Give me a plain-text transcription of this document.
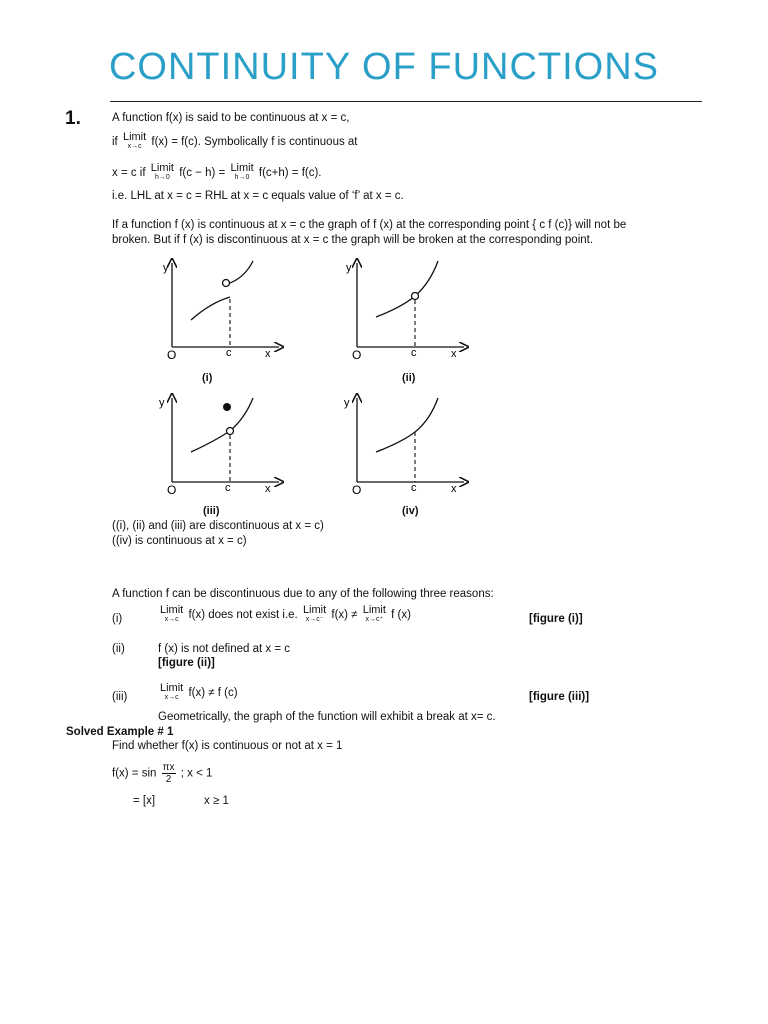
CONTINUITY OF FUNCTIONS
1.	A function f(x) is said to be continuous at x = c,
if Limit
x→c f(x) = f(c). Symbolically f is continuous at
x = c if Limit
h→0 f(c − h) = Limit
h→0 f(c+h) = f(c).
i.e. LHL at x = c = RHL at x = c equals value of ‘f’ at x = c.
If a function f (x) is continuous at x = c the graph of f (x) at the corresponding point { c f (c)} will not be
broken. But if f (x) is discontinuous at x = c the graph will be broken at the corresponding point.
y
O	c	x
(i)
y
O	c	x
(ii)
y
O	c	x
(iii)
y
O	c	x
(iv)
((i), (ii) and (iii) are discontinuous at x = c)
((iv) is continuous at x = c)
A function f can be discontinuous due to any of the following three reasons:
(i)
Limit
x→c f(x) does not exist i.e. Limit
x→c⁻ f(x) ≠ Limit
x→c⁺ f (x)	[figure (i)]
(ii)	f (x) is not defined at x = c
[figure (ii)]
(iii)
Limit
x→c f(x) ≠ f (c)	[figure (iii)]
Geometrically, the graph of the function will exhibit a break at x= c.
Solved Example # 1
Find whether f(x) is continuous or not at x = 1
$f(x) = \sin \frac{\pi x}{2}$ ; x < 1
= [x]	x ≥ 1
